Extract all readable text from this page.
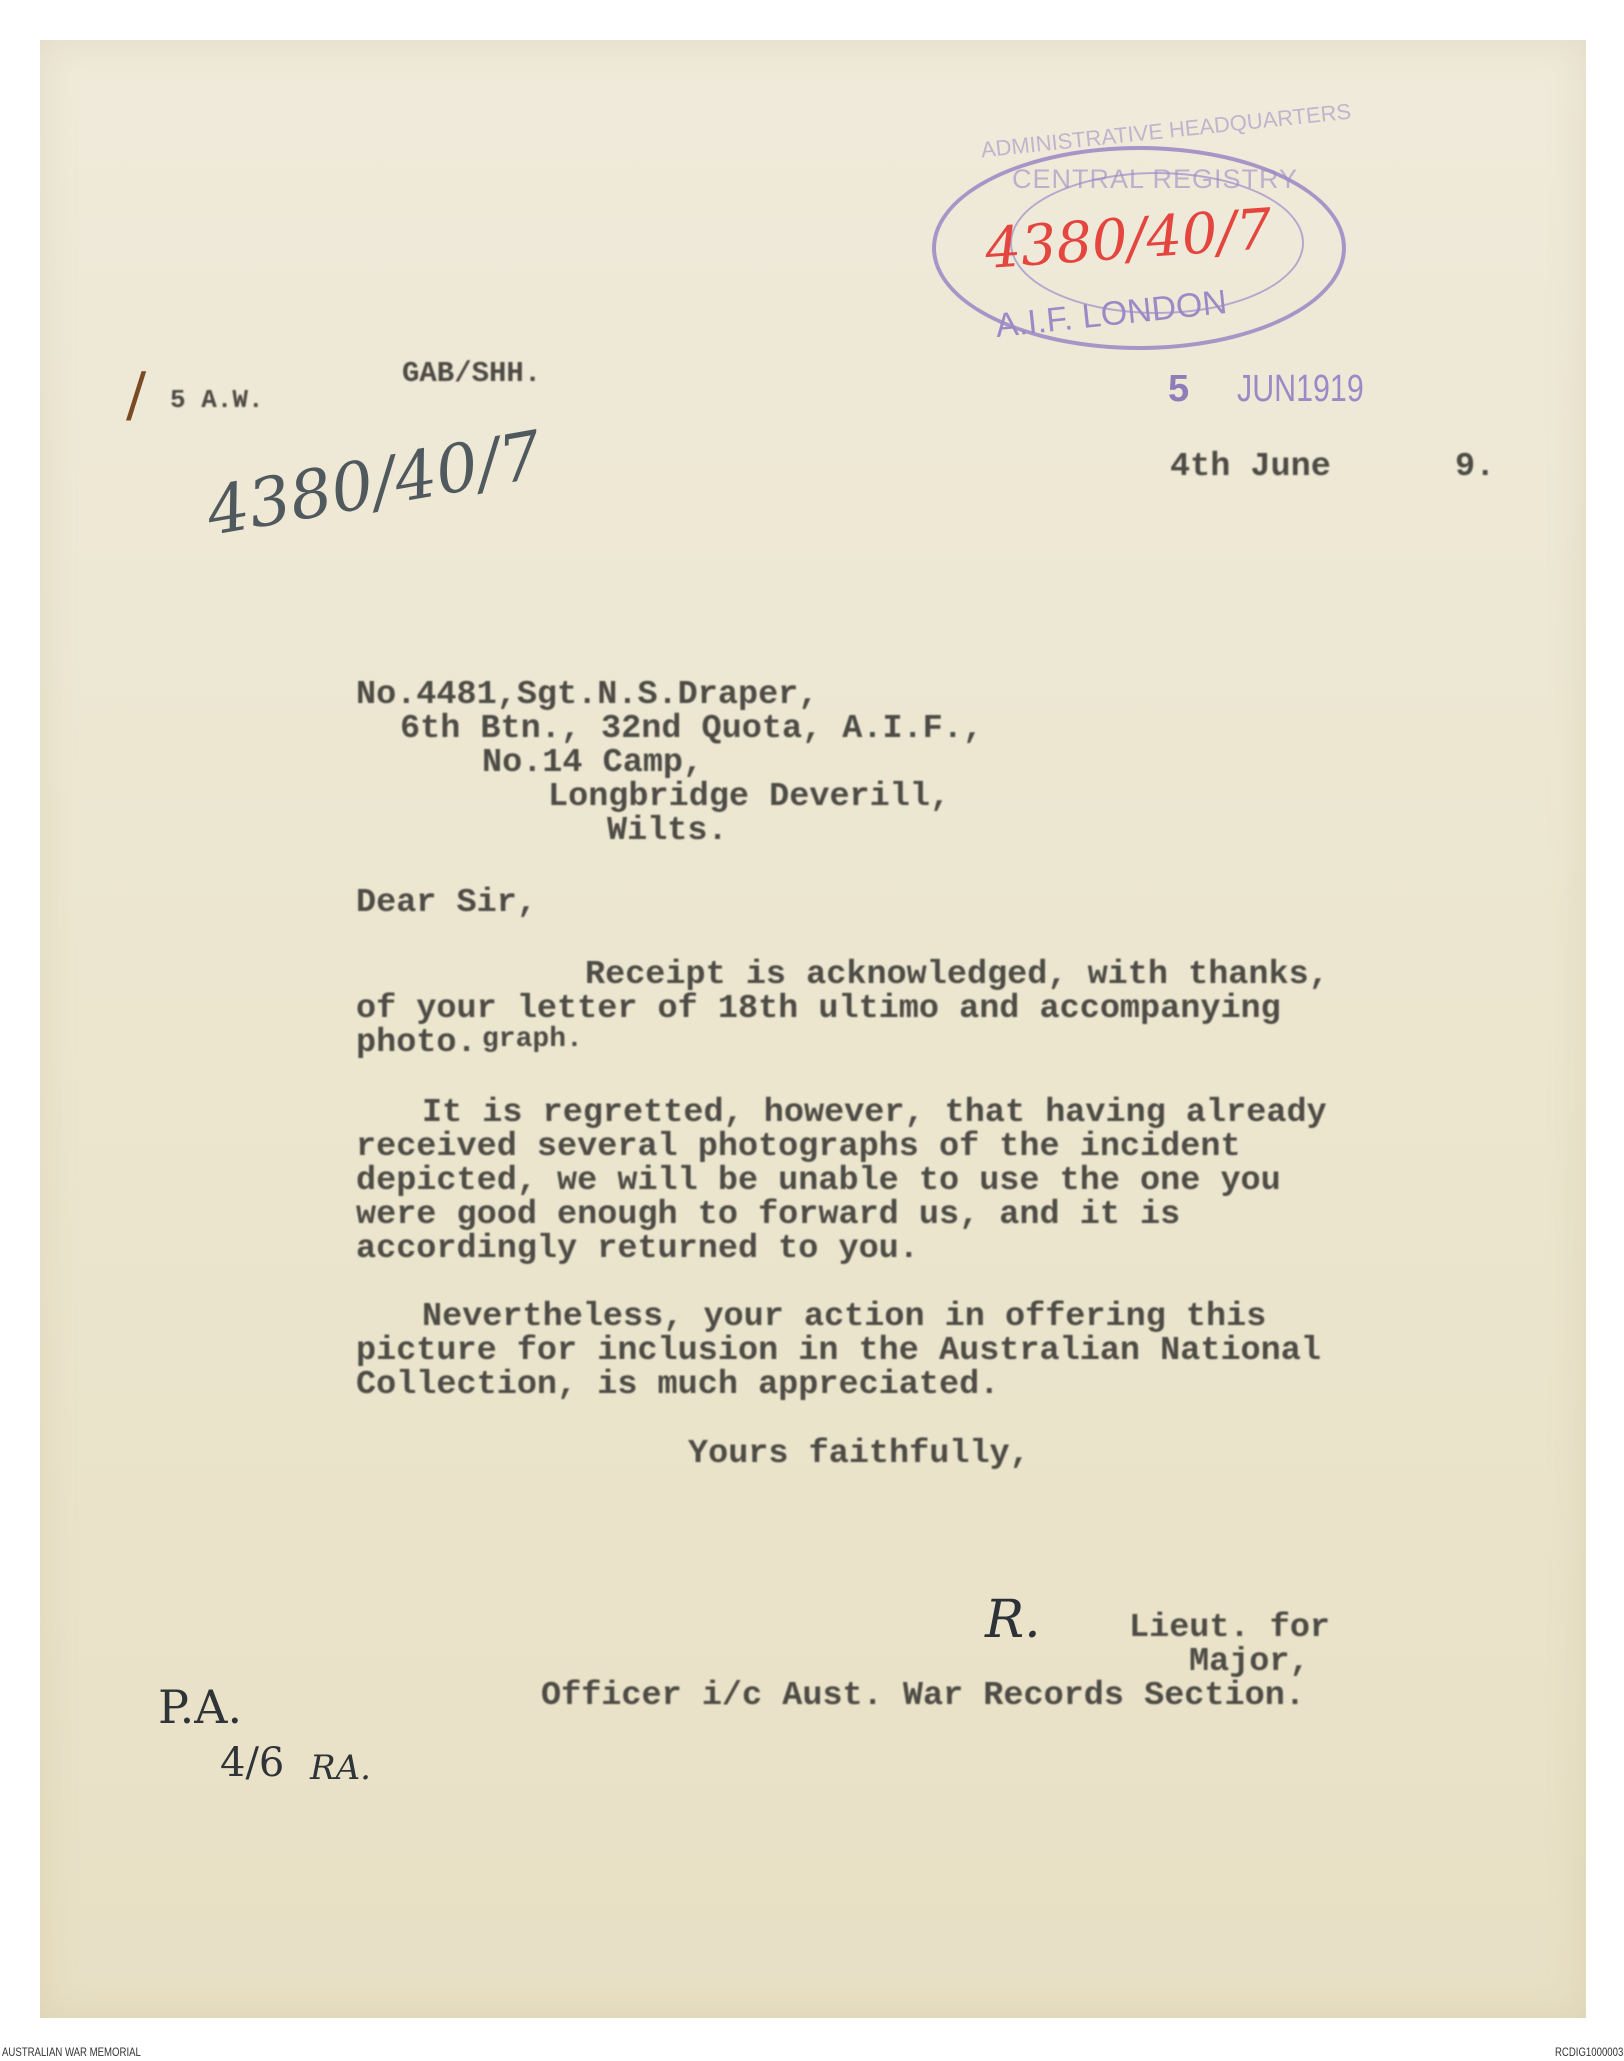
ADMINISTRATIVE HEADQUARTERS
CENTRAL REGISTRY
4380/40/7
A.I.F. LONDON
5 JUN1919
/ 5 A.W.
GAB/SHH.
4380/40/7	4th June	9.
No.4481,Sgt.N.S.Draper,
6th Btn., 32nd Quota, A.I.F.,
No.14 Camp,
Longbridge Deverill,
Wilts.
Dear Sir,
Receipt is acknowledged, with thanks,
of your letter of 18th ultimo and accompanying
photo. graph.
It is regretted, however, that having already
received several photographs of the incident
depicted, we will be unable to use the one you
were good enough to forward us, and it is
accordingly returned to you.
Nevertheless, your action in offering this
picture for inclusion in the Australian National
Collection, is much appreciated.
Yours faithfully,
R.	Lieut. for
Major,
Officer i/c Aust. War Records Section.
P.A.
4/6 RA.
AUSTRALIAN WAR MEMORIAL	RCDIG1000003
